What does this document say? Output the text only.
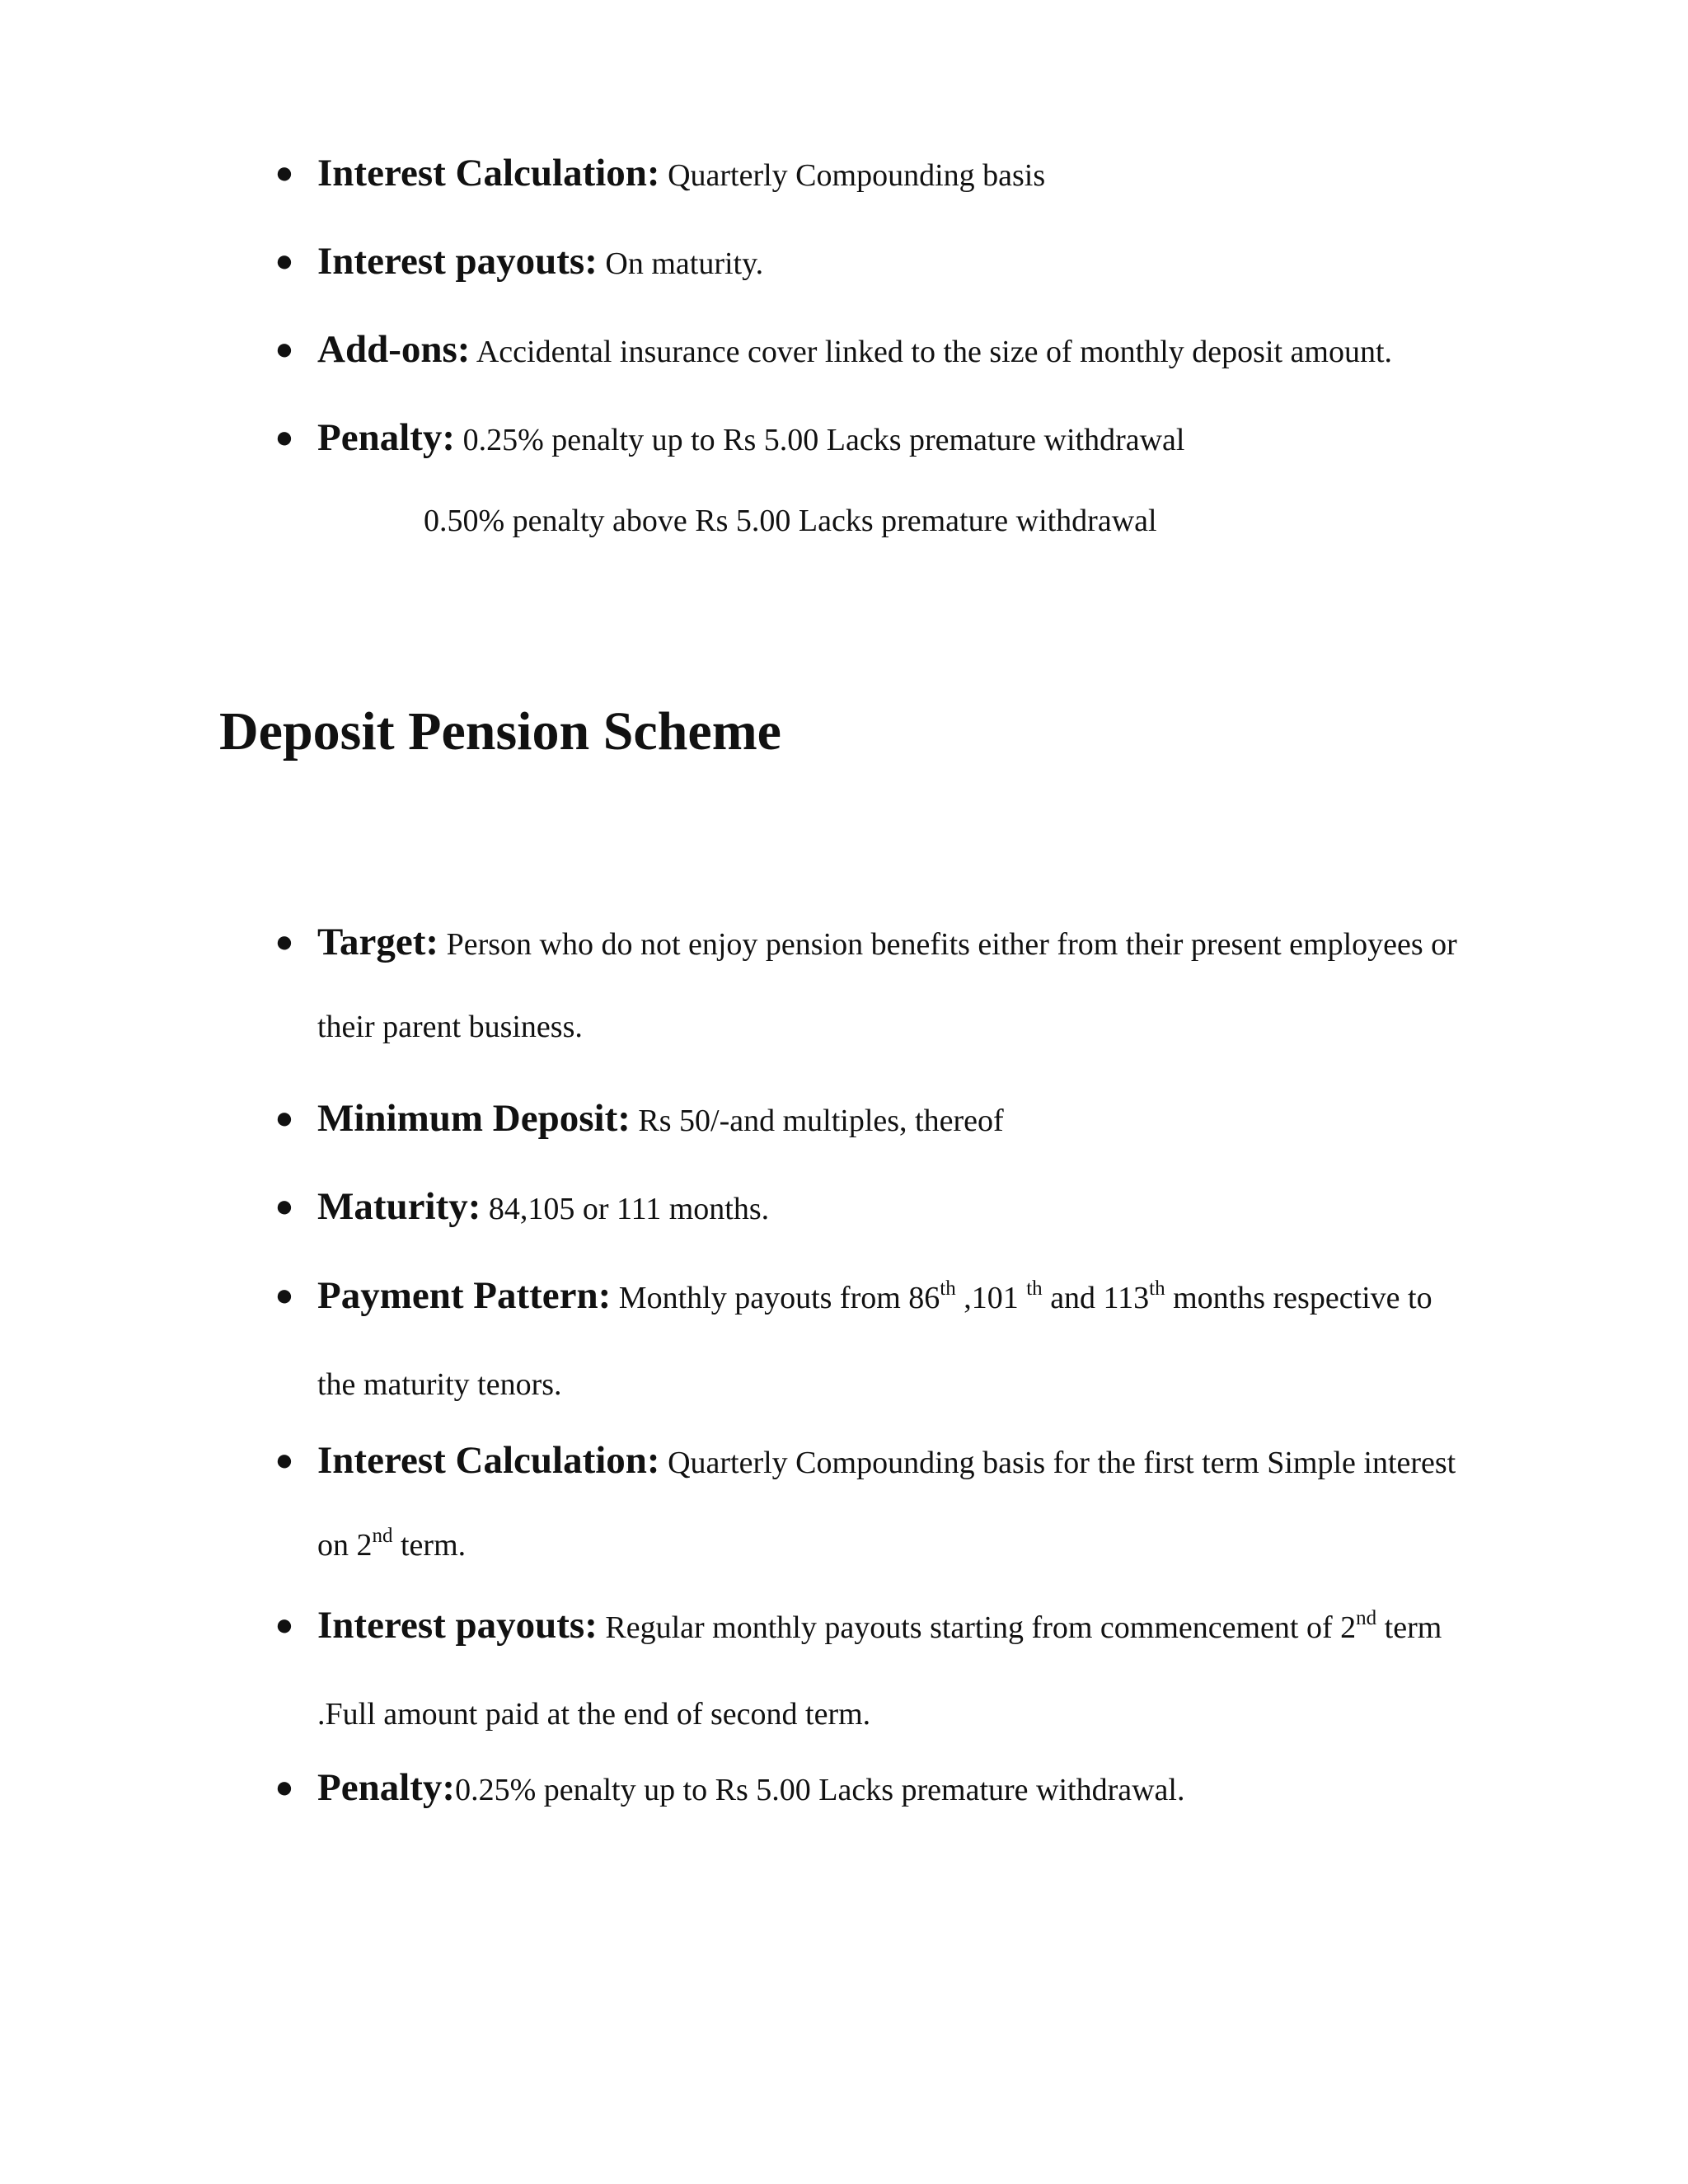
● Interest Calculation: Quarterly Compounding basis
● Interest payouts: On maturity.
● Add-ons: Accidental insurance cover linked to the size of monthly deposit amount.
● Penalty: 0.25% penalty up to Rs 5.00 Lacks premature withdrawal
0.50% penalty above Rs 5.00 Lacks premature withdrawal
Deposit Pension Scheme
● Target: Person who do not enjoy pension benefits either from their present employees or
their parent business.
● Minimum Deposit: Rs 50/-and multiples, thereof
● Maturity: 84,105 or 111 months.
● Payment Pattern: Monthly payouts from 86th ,101 $^{th}$ and 113th months respective to
the maturity tenors.
● Interest Calculation: Quarterly Compounding basis for the first term Simple interest
on 2nd term.
● Interest payouts: Regular monthly payouts starting from commencement of 2nd term
.Full amount paid at the end of second term.
● Penalty:0.25% penalty up to Rs 5.00 Lacks premature withdrawal.
